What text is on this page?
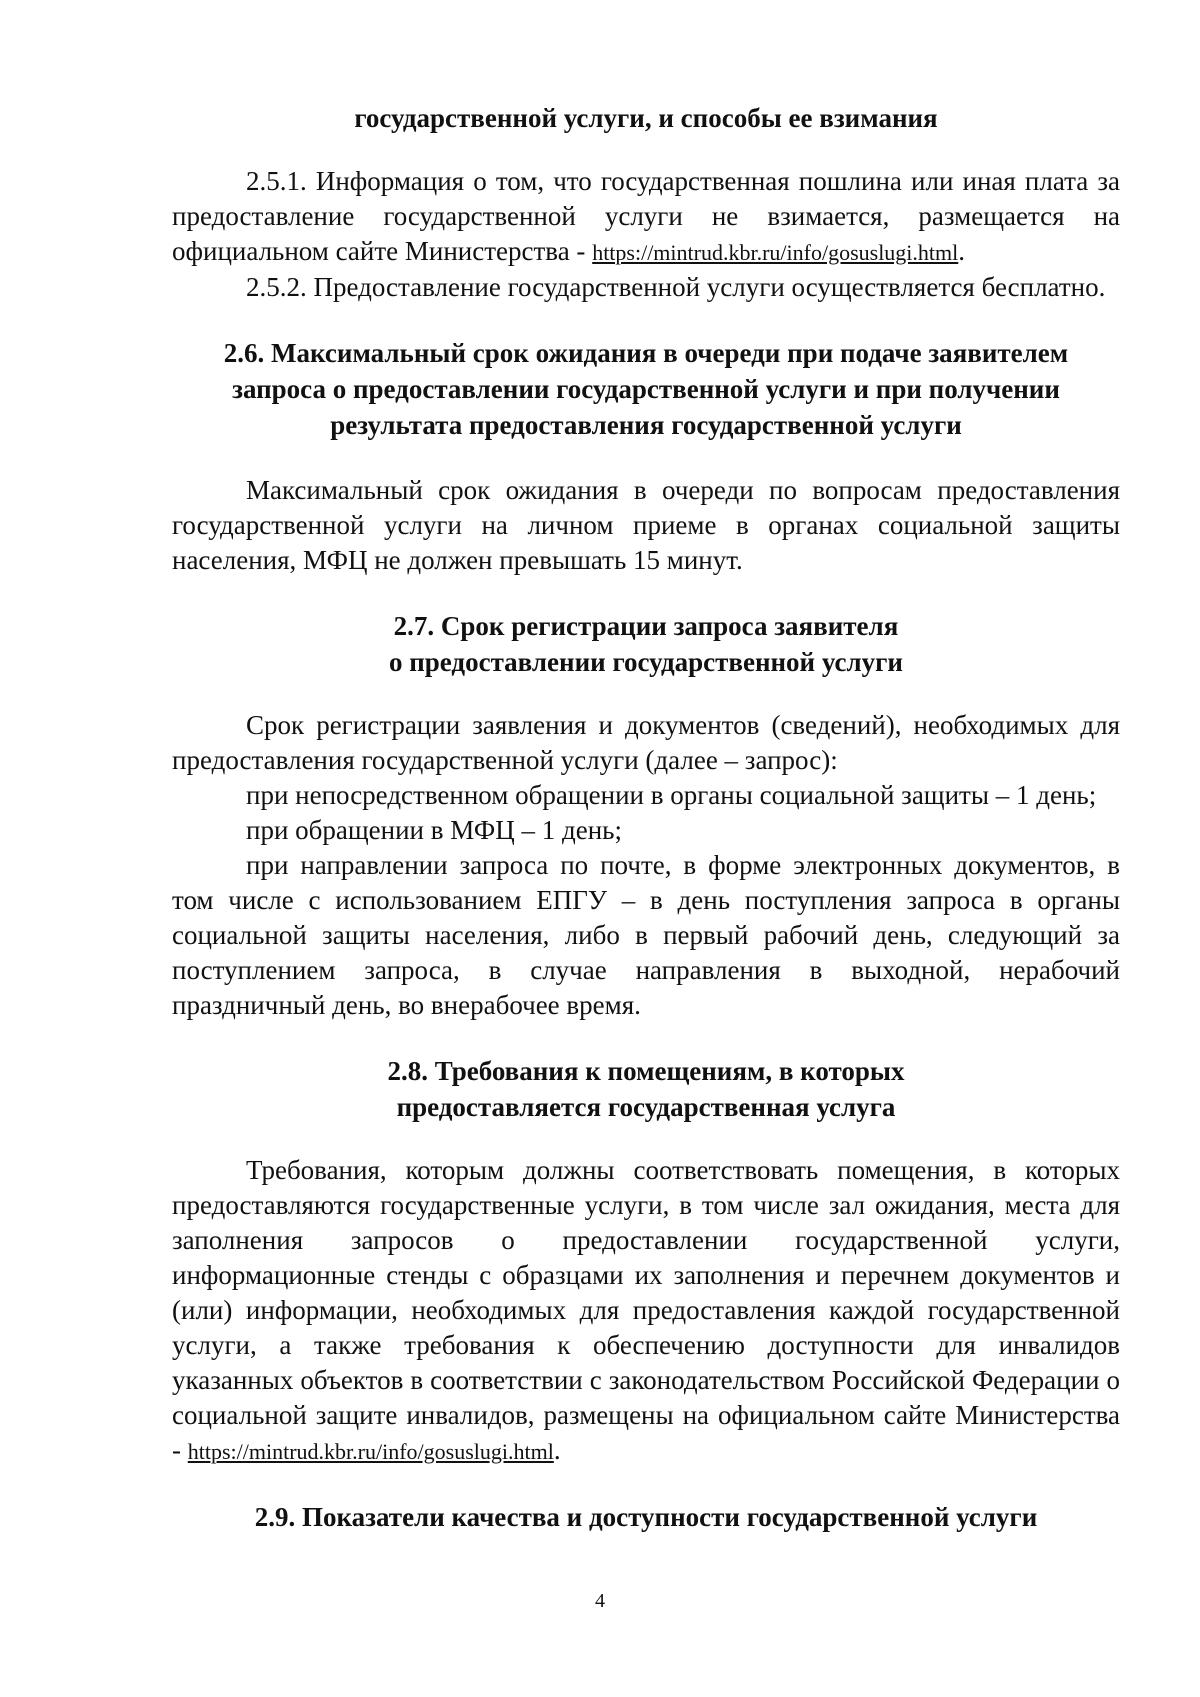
государственной услуги, и способы ее взимания

2.5.1. Информация о том, что государственная пошлина или иная плата за предоставление государственной услуги не взимается, размещается на официальном сайте Министерства - https://mintrud.kbr.ru/info/gosuslugi.html.

2.5.2. Предоставление государственной услуги осуществляется бесплатно.

2.6. Максимальный срок ожидания в очереди при подаче заявителем
запроса о предоставлении государственной услуги и при получении
результата предоставления государственной услуги

Максимальный срок ожидания в очереди по вопросам предоставления государственной услуги на личном приеме в органах социальной защиты населения, МФЦ не должен превышать 15 минут.

2.7. Срок регистрации запроса заявителя
о предоставлении государственной услуги

Срок регистрации заявления и документов (сведений), необходимых для предоставления государственной услуги (далее – запрос):

при непосредственном обращении в органы социальной защиты – 1 день;

при обращении в МФЦ – 1 день;

при направлении запроса по почте, в форме электронных документов, в том числе с использованием ЕПГУ – в день поступления запроса в органы социальной защиты населения, либо в первый рабочий день, следующий за поступлением запроса, в случае направления в выходной, нерабочий праздничный день, во внерабочее время.

2.8. Требования к помещениям, в которых
предоставляется государственная услуга

Требования, которым должны соответствовать помещения, в которых предоставляются государственные услуги, в том числе зал ожидания, места для заполнения запросов о предоставлении государственной услуги, информационные стенды с образцами их заполнения и перечнем документов и (или) информации, необходимых для предоставления каждой государственной услуги, а также требования к обеспечению доступности для инвалидов указанных объектов в соответствии с законодательством Российской Федерации о социальной защите инвалидов, размещены на официальном сайте Министерства - https://mintrud.kbr.ru/info/gosuslugi.html.

2.9. Показатели качества и доступности государственной услуги
4
